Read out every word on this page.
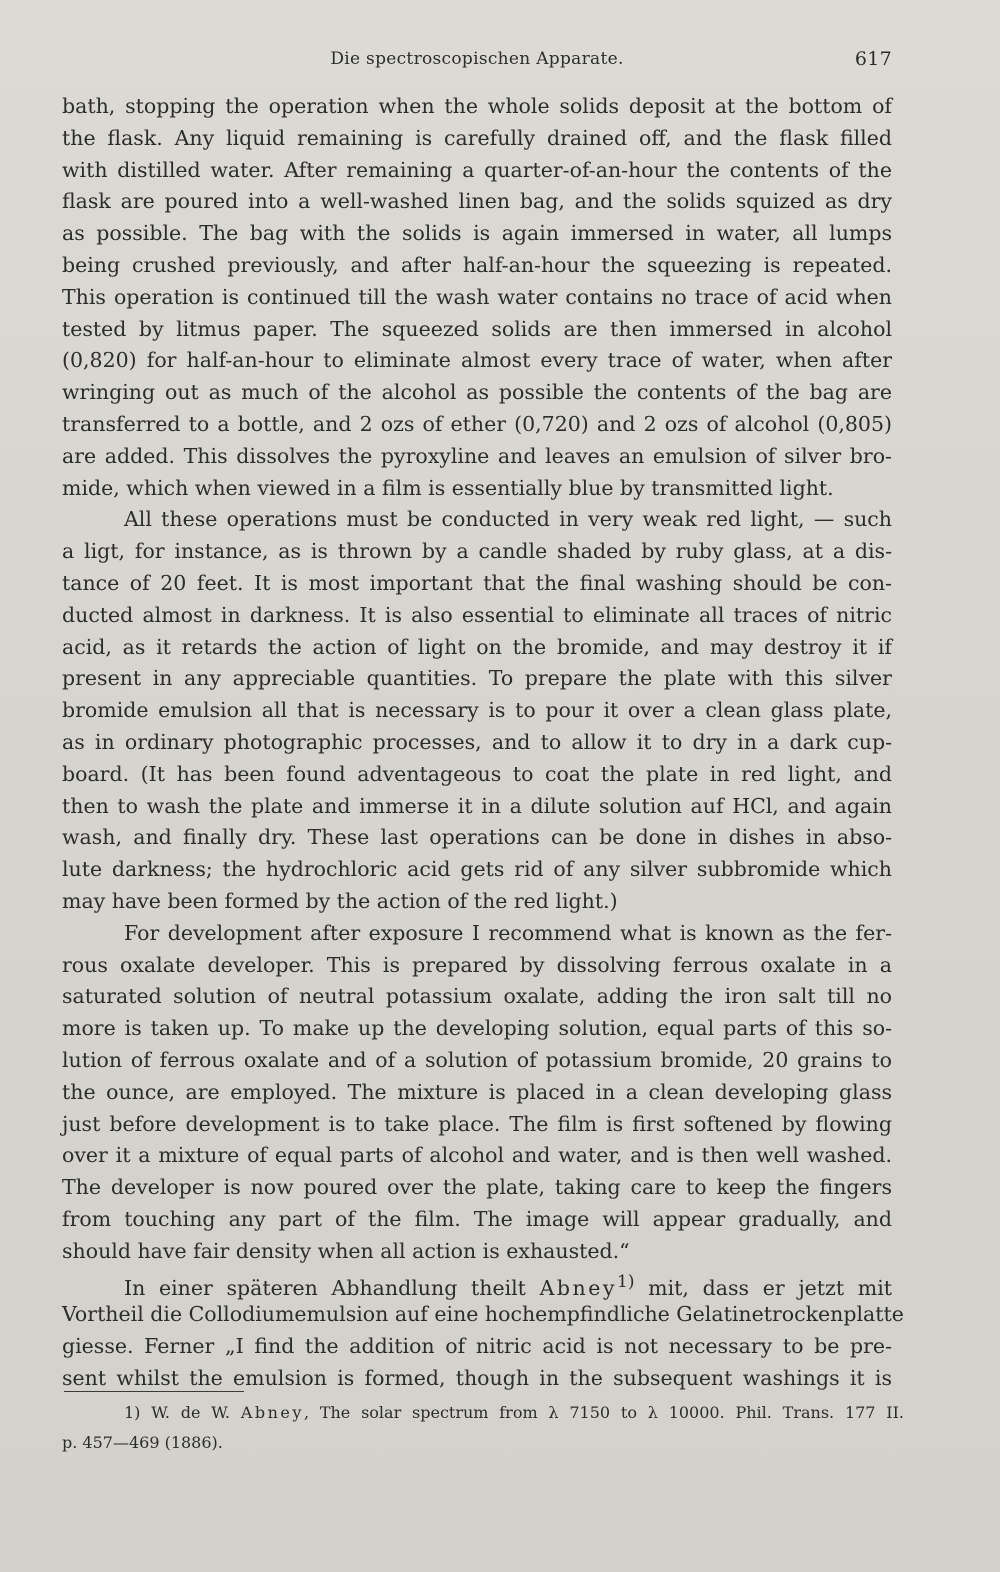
Die spectroscopischen Apparate.	617
bath, stopping the operation when the whole solids deposit at the bottom of
the flask. Any liquid remaining is carefully drained off, and the flask filled
with distilled water. After remaining a quarter-of-an-hour the contents of the
flask are poured into a well-washed linen bag, and the solids squized as dry
as possible. The bag with the solids is again immersed in water, all lumps
being crushed previously, and after half-an-hour the squeezing is repeated.
This operation is continued till the wash water contains no trace of acid when
tested by litmus paper. The squeezed solids are then immersed in alcohol
(0,820) for half-an-hour to eliminate almost every trace of water, when after
wringing out as much of the alcohol as possible the contents of the bag are
transferred to a bottle, and 2 ozs of ether (0,720) and 2 ozs of alcohol (0,805)
are added. This dissolves the pyroxyline and leaves an emulsion of silver bro-
mide, which when viewed in a film is essentially blue by transmitted light.
All these operations must be conducted in very weak red light, — such
a ligt, for instance, as is thrown by a candle shaded by ruby glass, at a dis-
tance of 20 feet. It is most important that the final washing should be con-
ducted almost in darkness. It is also essential to eliminate all traces of nitric
acid, as it retards the action of light on the bromide, and may destroy it if
present in any appreciable quantities. To prepare the plate with this silver
bromide emulsion all that is necessary is to pour it over a clean glass plate,
as in ordinary photographic processes, and to allow it to dry in a dark cup-
board. (It has been found adventageous to coat the plate in red light, and
then to wash the plate and immerse it in a dilute solution auf HCl, and again
wash, and finally dry. These last operations can be done in dishes in abso-
lute darkness; the hydrochloric acid gets rid of any silver subbromide which
may have been formed by the action of the red light.)
For development after exposure I recommend what is known as the fer-
rous oxalate developer. This is prepared by dissolving ferrous oxalate in a
saturated solution of neutral potassium oxalate, adding the iron salt till no
more is taken up. To make up the developing solution, equal parts of this so-
lution of ferrous oxalate and of a solution of potassium bromide, 20 grains to
the ounce, are employed. The mixture is placed in a clean developing glass
just before development is to take place. The film is first softened by flowing
over it a mixture of equal parts of alcohol and water, and is then well washed.
The developer is now poured over the plate, taking care to keep the fingers
from touching any part of the film. The image will appear gradually, and
should have fair density when all action is exhausted.“
In einer späteren Abhandlung theilt Abney$^{1)}$ mit, dass er jetzt mit
Vortheil die Collodiumemulsion auf eine hochempfindliche Gelatinetrockenplatte
giesse. Ferner „I find the addition of nitric acid is not necessary to be pre-
sent whilst the emulsion is formed, though in the subsequent washings it is
1) W. de W. Abney, The solar spectrum from λ 7150 to λ 10000. Phil. Trans. 177 II.
p. 457—469 (1886).
